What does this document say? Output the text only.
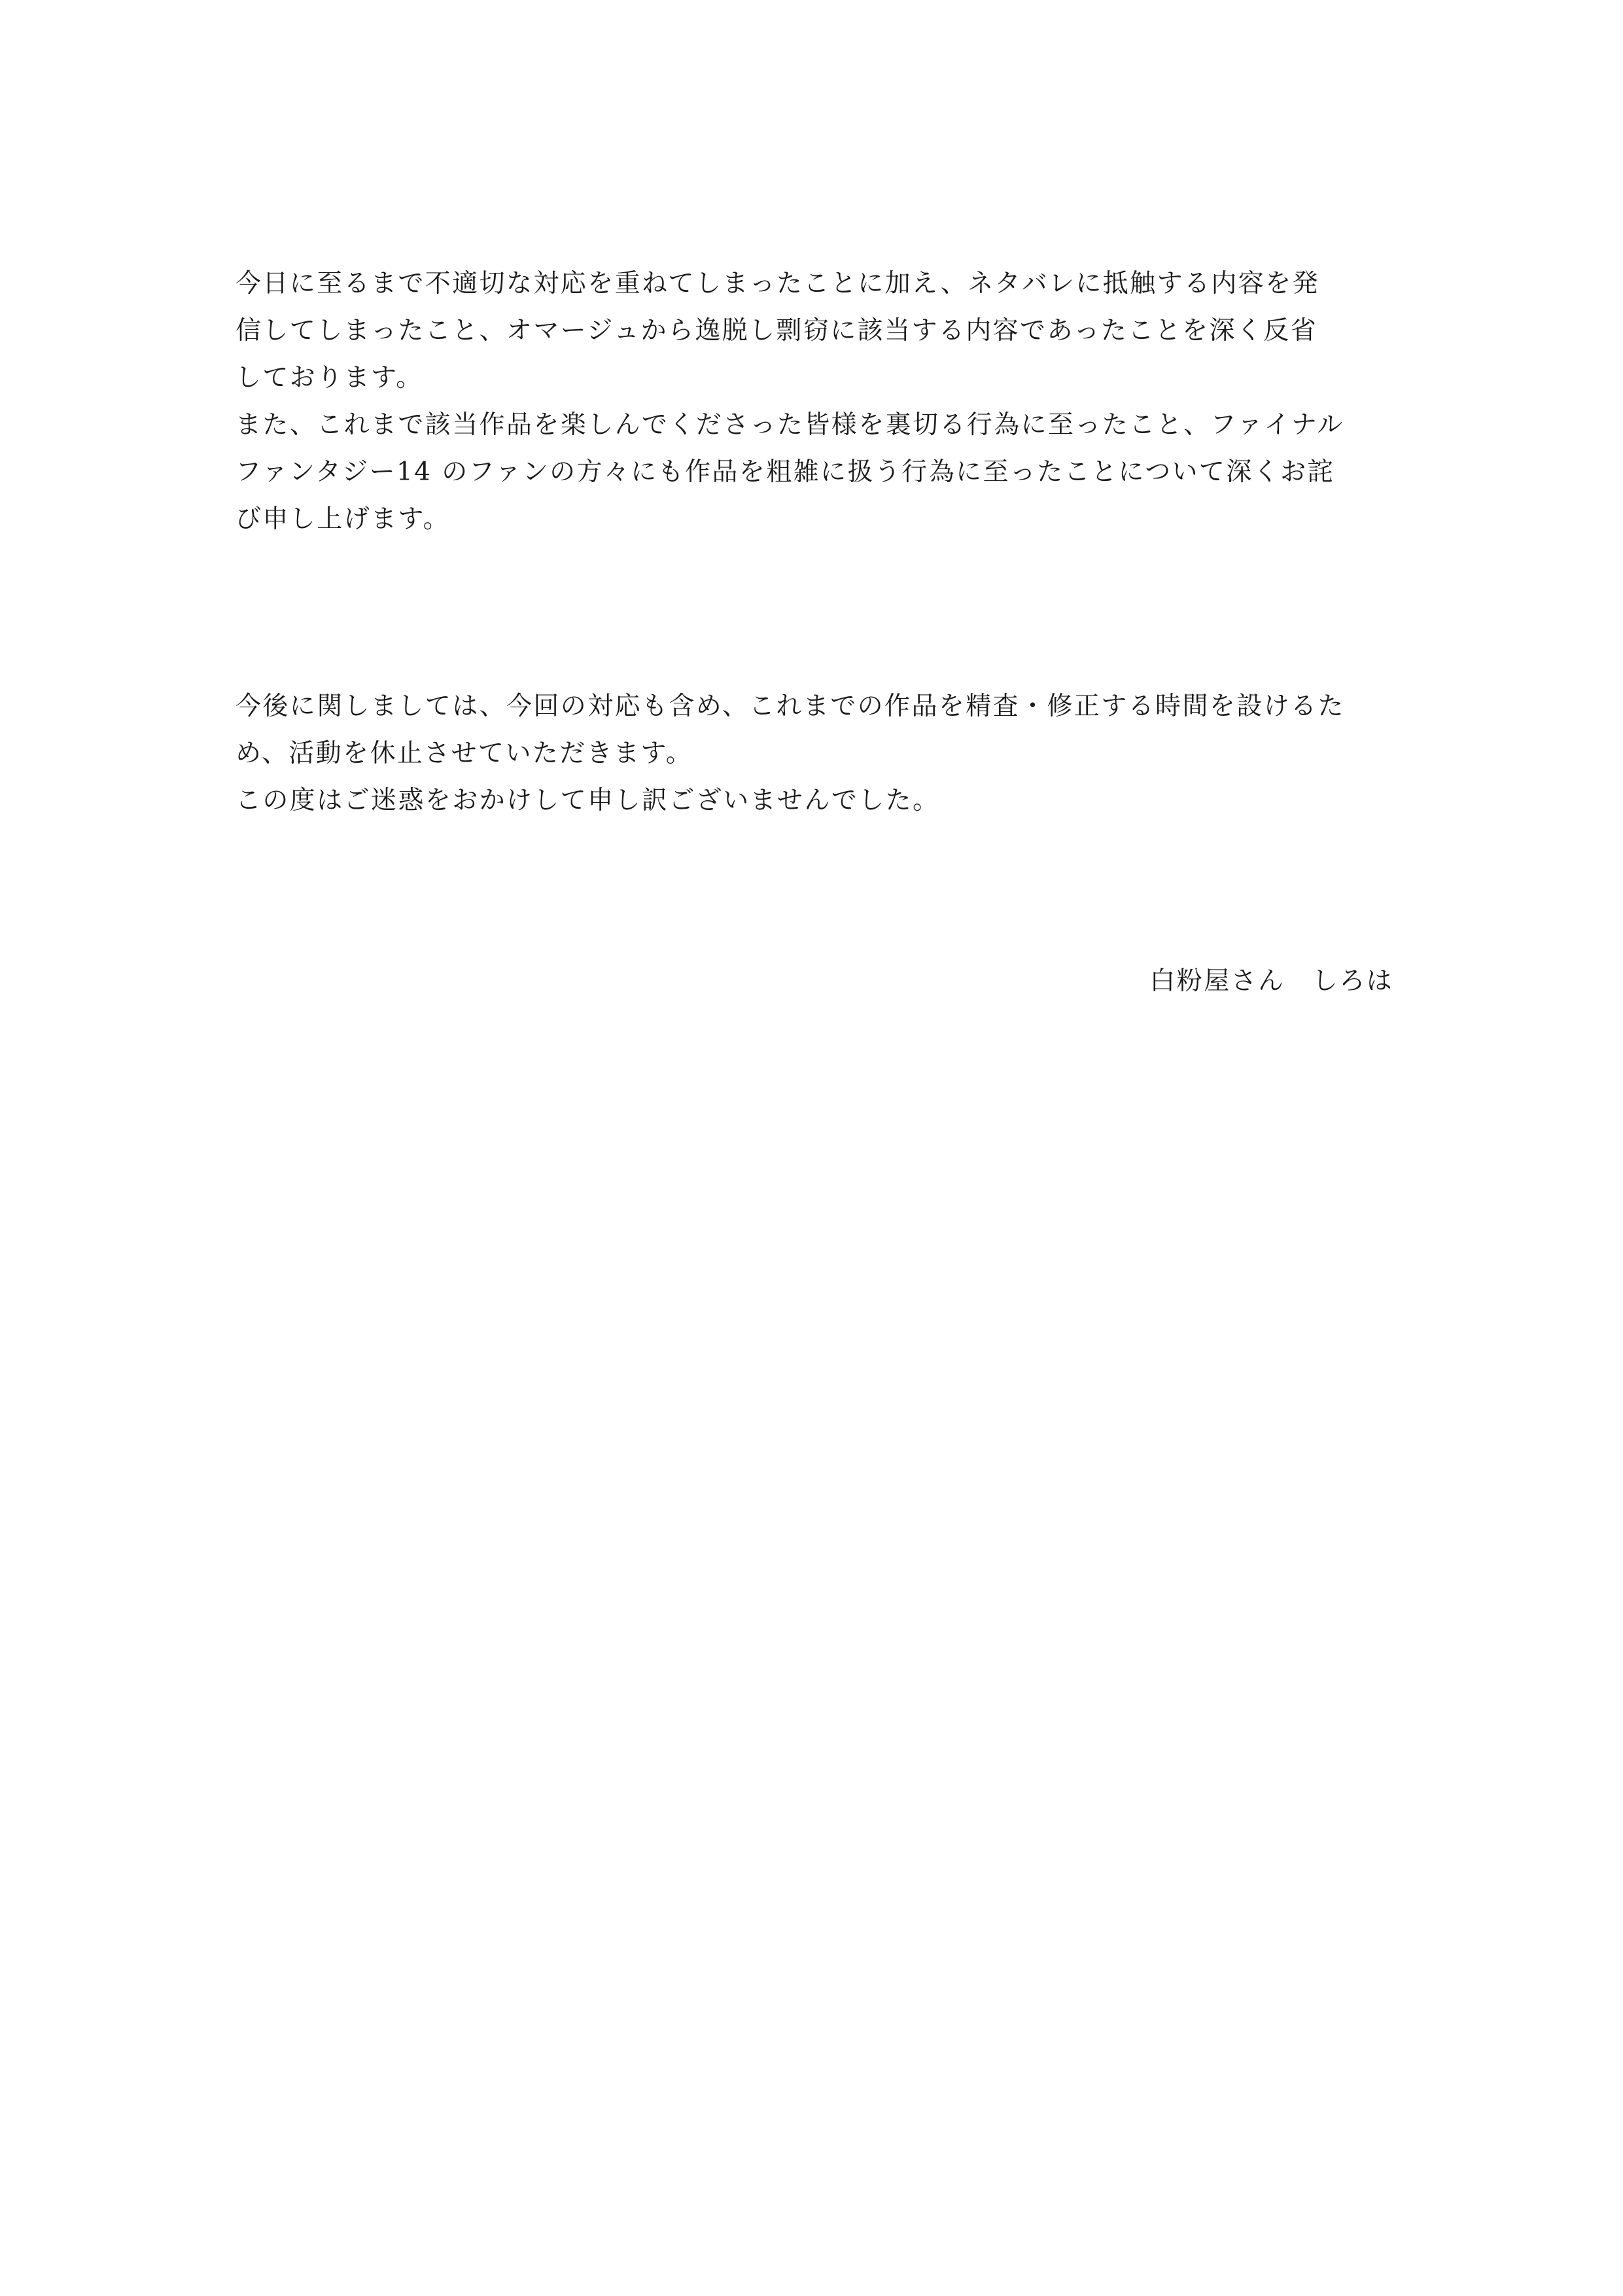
今日に至るまで不適切な対応を重ねてしまったことに加え、ネタバレに抵触する内容を発
信してしまったこと、オマージュから逸脱し剽窃に該当する内容であったことを深く反省
しております。
また、これまで該当作品を楽しんでくださった皆様を裏切る行為に至ったこと、ファイナル
ファンタジー14 のファンの方々にも作品を粗雑に扱う行為に至ったことについて深くお詫
び申し上げます。
今後に関しましては、今回の対応も含め、これまでの作品を精査・修正する時間を設けるた
め、活動を休止させていただきます。
この度はご迷惑をおかけして申し訳ございませんでした。
白粉屋さん　しろは
